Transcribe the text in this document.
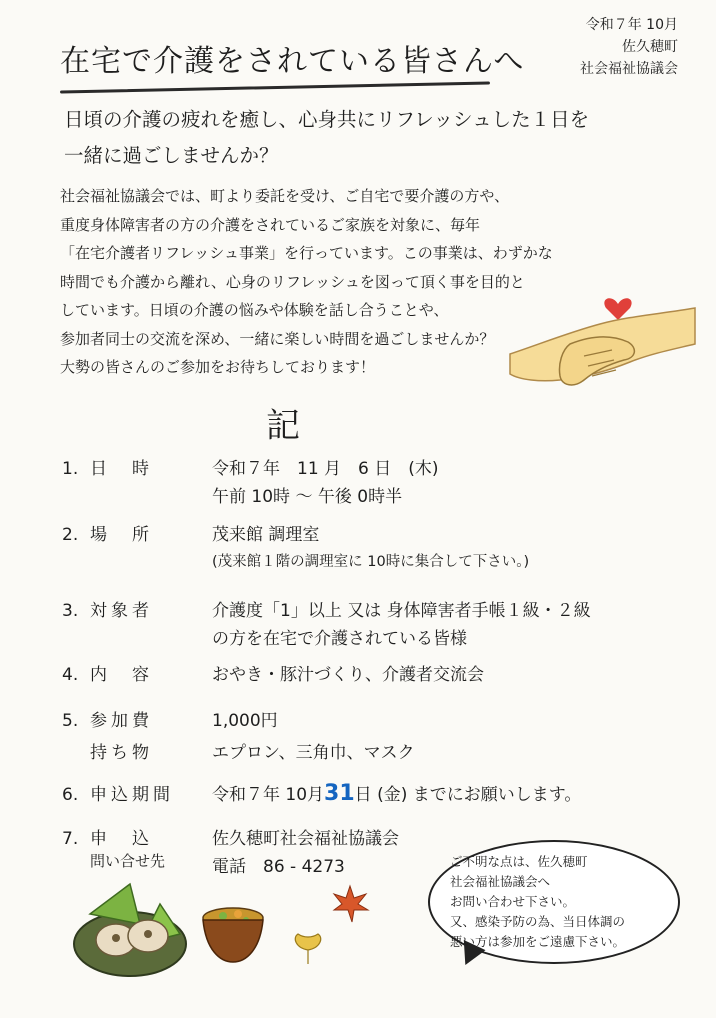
令和７年 10月
佐久穂町
社会福祉協議会
在宅で介護をされている皆さんへ
日頃の介護の疲れを癒し、心身共にリフレッシュした１日を
一緒に過ごしませんか？
社会福祉協議会では、町より委託を受け、ご自宅で要介護の方や、
重度身体障害者の方の介護をされているご家族を対象に、毎年
「在宅介護者リフレッシュ事業」を行っています。この事業は、わずかな
時間でも介護から離れ、心身のリフレッシュを図って頂く事を目的と
しています。日頃の介護の悩みや体験を話し合うことや、
参加者同士の交流を深め、一緒に楽しい時間を過ごしませんか？
大勢の皆さんのご参加をお待ちしております！
記
1. 日　時	令和７年　11 月　6 日　(木)
午前 10時 〜 午後 0時半
2. 場　所	茂来館 調理室
(茂来館１階の調理室に 10時に集合して下さい。)
3. 対象者	介護度「1」以上 又は 身体障害者手帳１級・２級
の方を在宅で介護されている皆様
4. 内　容	おやき・豚汁づくり、介護者交流会
5. 参加費	1,000円
持ち物	エプロン、三角巾、マスク
6. 申込期間 令和７年 10月31日 (金) までにお願いします。
7. 申　込
問い合せ先
佐久穂町社会福祉協議会
電話　86 - 4273	ご不明な点は、佐久穂町
社会福祉協議会へ
お問い合わせ下さい。
又、感染予防の為、当日体調の
悪い方は参加をご遠慮下さい。
